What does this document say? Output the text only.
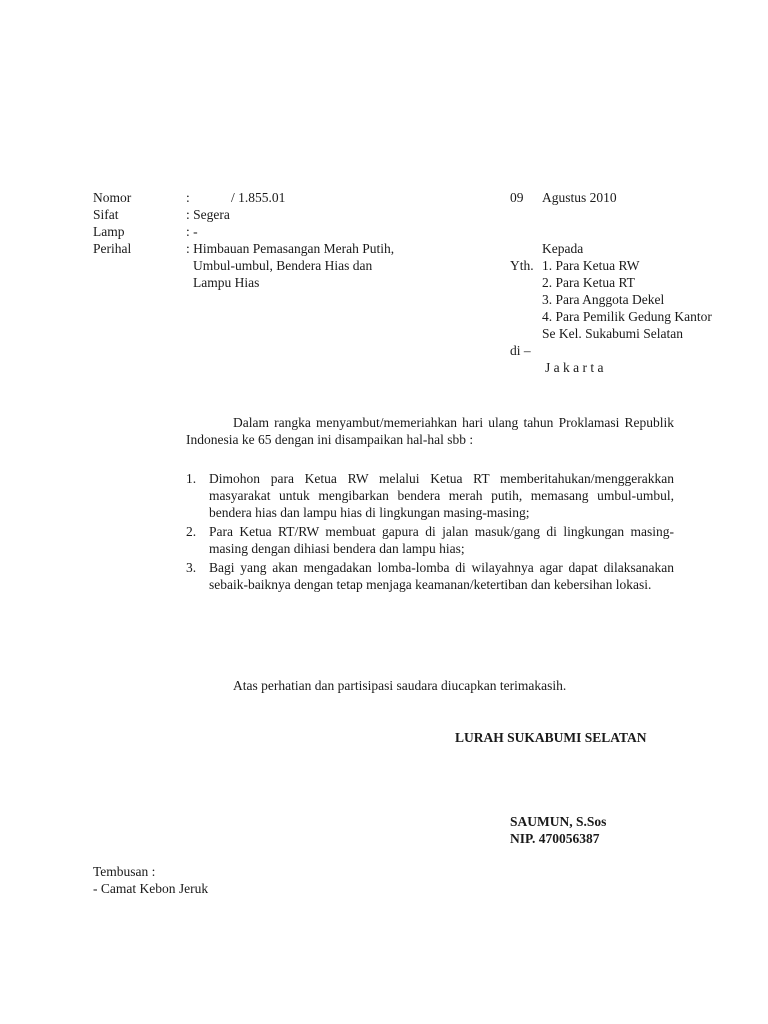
Nomor	:	/ 1.855.01
Sifat	: Segera
Lamp	: -
Perihal	: Himbauan Pemasangan Merah Putih,
Umbul-umbul, Bendera Hias dan
Lampu Hias
09 Agustus 2010
Kepada
Yth. 1. Para Ketua RW
2. Para Ketua RT
3. Para Anggota Dekel
4. Para Pemilik Gedung Kantor
Se Kel. Sukabumi Selatan
di –
J a k a r t a

Dalam rangka menyambut/memeriahkan hari ulang tahun Proklamasi Republik Indonesia ke 65 dengan ini disampaikan hal-hal sbb :

1. Dimohon para Ketua RW melalui Ketua RT memberitahukan/menggerakkan masyarakat untuk mengibarkan bendera merah putih, memasang umbul-umbul, bendera hias dan lampu hias di lingkungan masing-masing;
2. Para Ketua RT/RW membuat gapura di jalan masuk/gang di lingkungan masing-masing dengan dihiasi bendera dan lampu hias;
3. Bagi yang akan mengadakan lomba-lomba di wilayahnya agar dapat dilaksanakan sebaik-baiknya dengan tetap menjaga keamanan/ketertiban dan kebersihan lokasi.
Atas perhatian dan partisipasi saudara diucapkan terimakasih.
LURAH SUKABUMI SELATAN
SAUMUN, S.Sos
NIP. 470056387
Tembusan :
- Camat Kebon Jeruk
